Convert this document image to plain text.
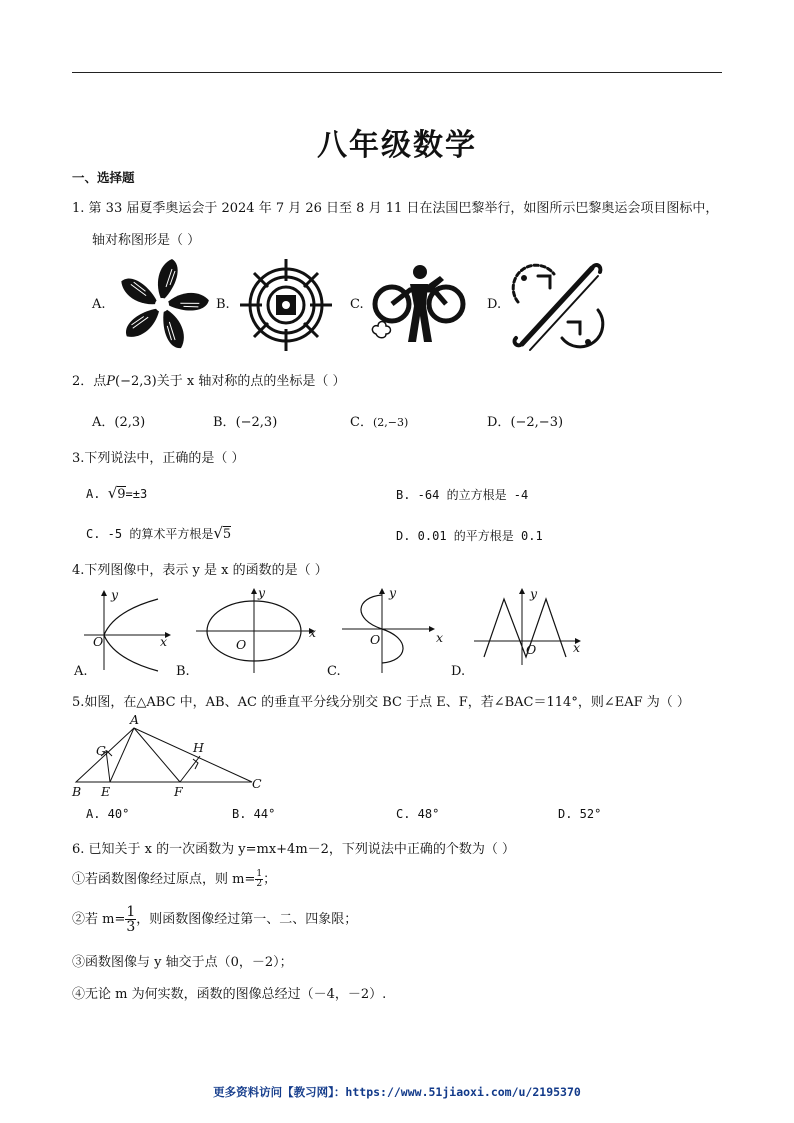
八年级数学
一、选择题
1. 第 33 届夏季奥运会于 2024 年 7 月 26 日至 8 月 11 日在法国巴黎举行，如图所示巴黎奥运会项目图标中，
轴对称图形是（ ）
A.	B.	C.	D.
2．点P(−2,3)关于 x 轴对称的点的坐标是（ ）
A．(2,3)	B．(−2,3)	C．(2,−3)	D．(−2,−3)
3.下列说法中，正确的是（ ）
A. √9=±3	B. -64 的立方根是 -4
C. -5 的算术平方根是√5	D. 0.01 的平方根是 0.1
4.下列图像中，表示 y 是 x 的函数的是（ ）
y
x
O
A.
y
x
O
B.
y
x
O
C.
y
x
O
D.
5.如图，在△ABC 中，AB、AC 的垂直平分线分别交 BC 于点 E、F，若∠BAC＝114°，则∠EAF 为（ ）
A
G	H
B E	F
C
A. 40°	B. 44°	C. 48°	D. 52°
6. 已知关于 x 的一次函数为 y=mx+4m－2，下列说法中正确的个数为（ ）
①若函数图像经过原点，则 $m= \frac{1}{2}$ ；
②若 $m= \frac{1}{3}$ ，则函数图像经过第一、二、四象限；
③函数图像与 y 轴交于点（0，－2）；
④无论 m 为何实数，函数的图像总经过（－4，－2）.
更多资料访问【教习网】：https://www.51jiaoxi.com/u/2195370
